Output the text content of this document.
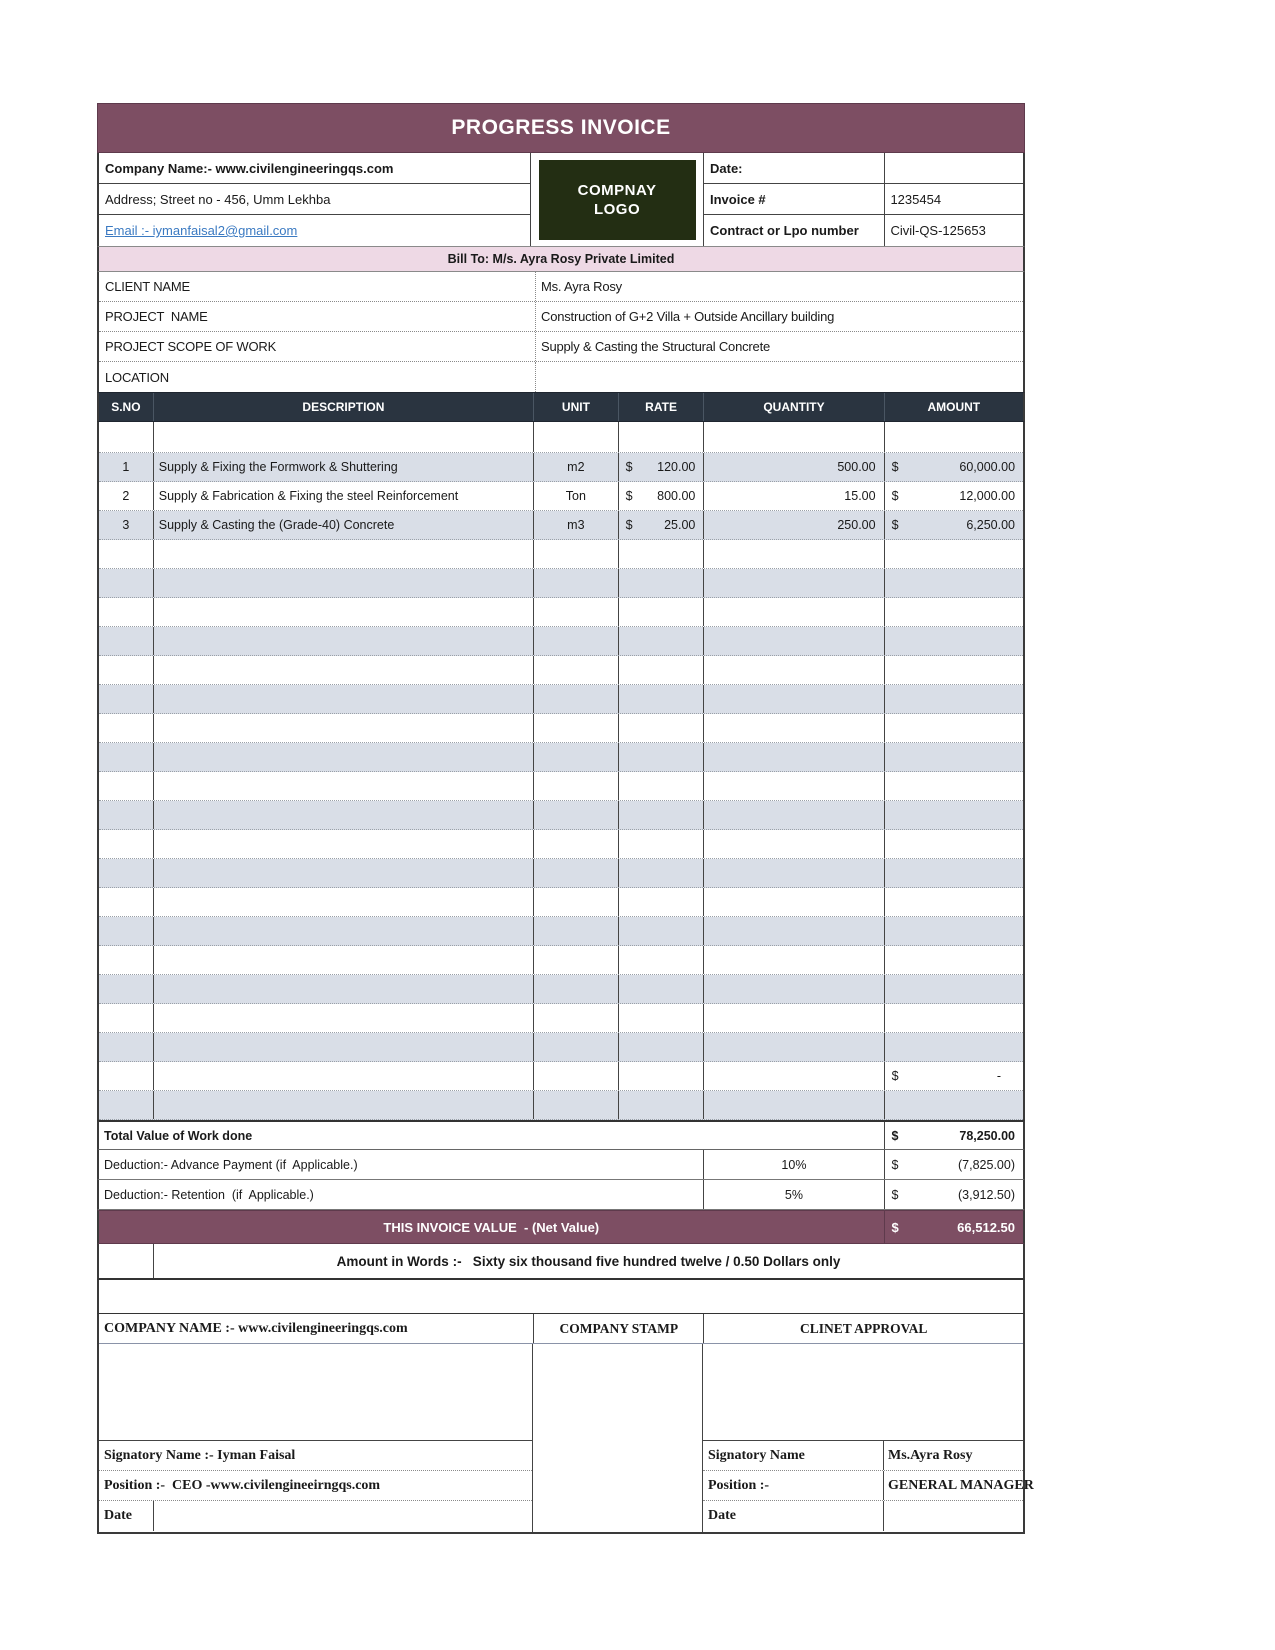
PROGRESS INVOICE
Company Name:- www.civilengineeringqs.com
Address; Street no - 456, Umm Lekhba
Email :- iymanfaisal2@gmail.com
COMPNAY
LOGO
Date:
Invoice #	1235454
Contract or Lpo number	Civil-QS-125653
Bill To: M/s. Ayra Rosy Private Limited
CLIENT NAME	Ms. Ayra Rosy
PROJECT  NAME	Construction of G+2 Villa + Outside Ancillary building
PROJECT SCOPE OF WORK	Supply & Casting the Structural Concrete
LOCATION
S.NO	DESCRIPTION	UNIT	RATE	QUANTITY	AMOUNT
1	Supply & Fixing the Formwork & Shuttering	m2	$ 120.00	500.00	$	60,000.00
2	Supply & Fabrication & Fixing the steel Reinforcement	Ton	$ 800.00	15.00	$	12,000.00
3	Supply & Casting the (Grade-40) Concrete	m3	$	25.00	250.00	$	6,250.00
$	-
Total Value of Work done	$	78,250.00
Deduction:- Advance Payment (if  Applicable.)	10%	$	(7,825.00)
Deduction:- Retention  (if  Applicable.)	5%	$	(3,912.50)
THIS INVOICE VALUE  - (Net Value)	$	66,512.50
Amount in Words :-   Sixty six thousand five hundred twelve / 0.50 Dollars only
COMPANY NAME :- www.civilengineeringqs.com	COMPANY STAMP	CLINET APPROVAL
Signatory Name :- Iyman Faisal
Position :-  CEO -www.civilengineeirngqs.com
Date
Signatory Name	Ms.Ayra Rosy
Position :-	GENERAL MANAGER
Date
